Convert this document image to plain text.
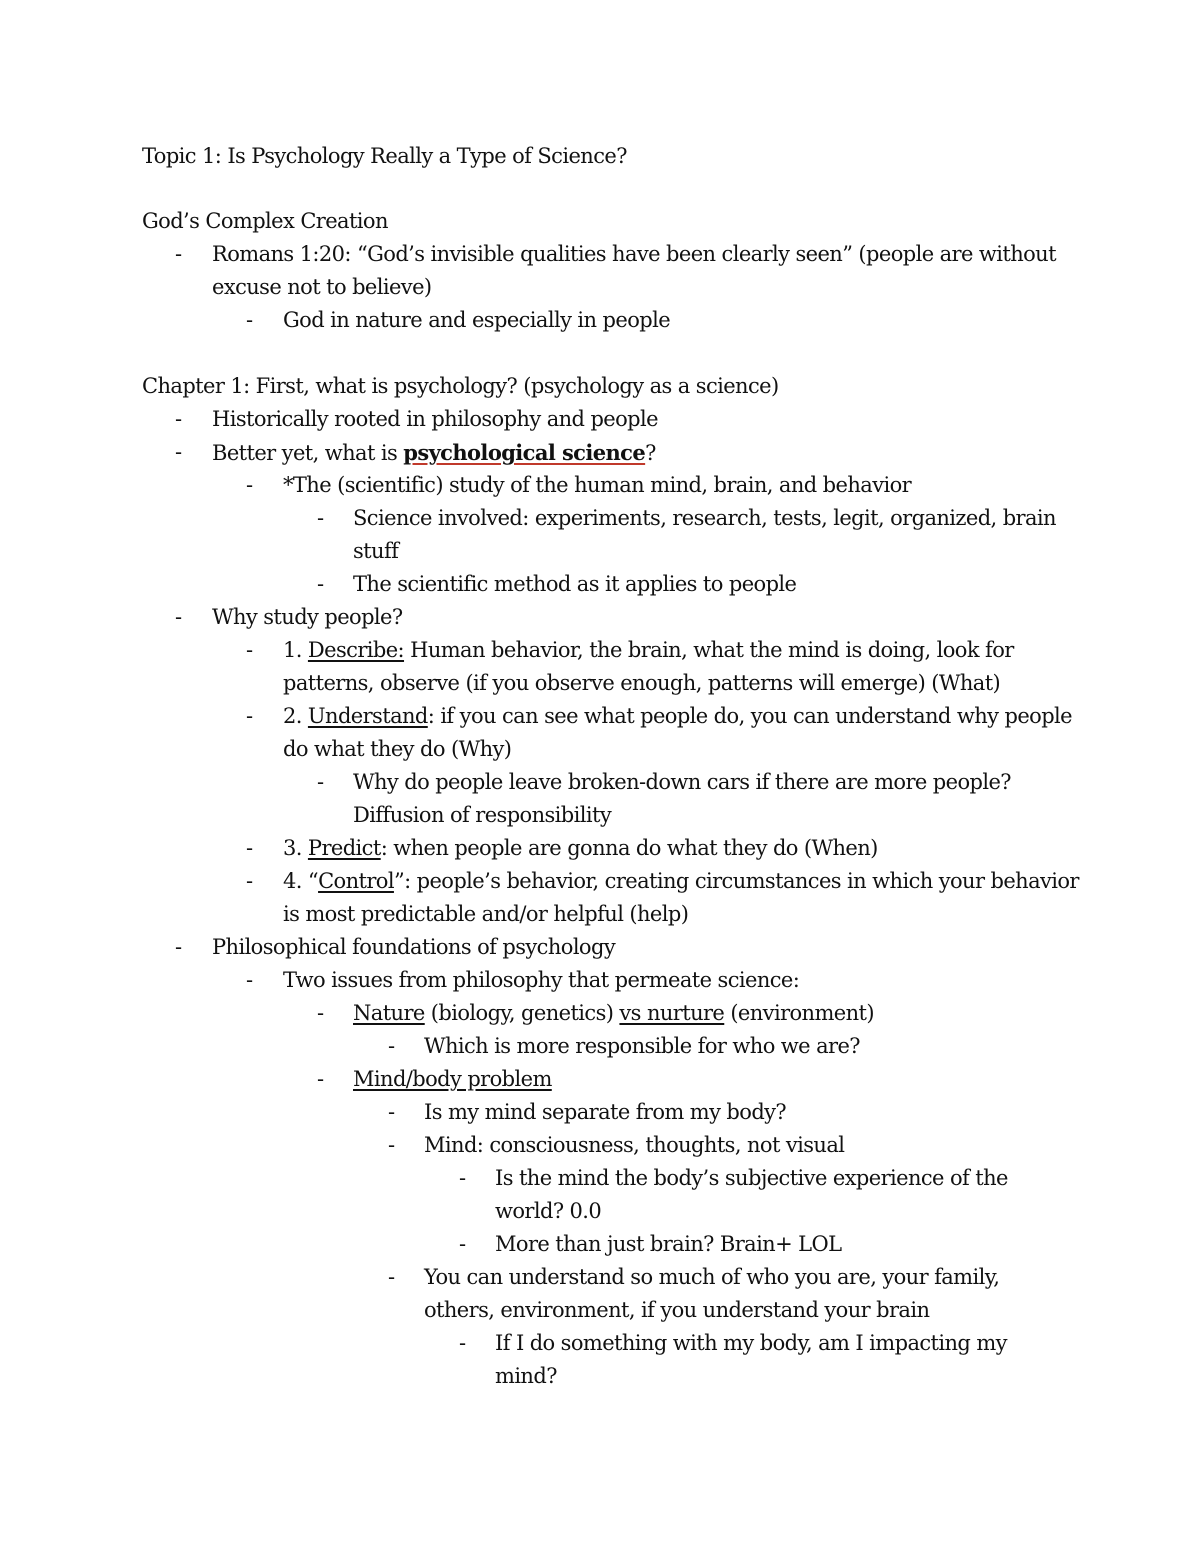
Topic 1: Is Psychology Really a Type of Science?
God’s Complex Creation
- Romans 1:20: “God’s invisible qualities have been clearly seen” (people are without
excuse not to believe)
- God in nature and especially in people
Chapter 1: First, what is psychology? (psychology as a science)
- Historically rooted in philosophy and people
- Better yet, what is psychological science?
- *The (scientific) study of the human mind, brain, and behavior
- Science involved: experiments, research, tests, legit, organized, brain
stuff
- The scientific method as it applies to people
- Why study people?
- 1. Describe: Human behavior, the brain, what the mind is doing, look for
patterns, observe (if you observe enough, patterns will emerge) (What)
- 2. Understand: if you can see what people do, you can understand why people
do what they do (Why)
- Why do people leave broken-down cars if there are more people?
Diffusion of responsibility
- 3. Predict: when people are gonna do what they do (When)
- 4. “Control”: people’s behavior, creating circumstances in which your behavior
is most predictable and/or helpful (help)
- Philosophical foundations of psychology
- Two issues from philosophy that permeate science:
- Nature (biology, genetics) vs nurture (environment)
- Which is more responsible for who we are?
- Mind/body problem
- Is my mind separate from my body?
- Mind: consciousness, thoughts, not visual
- Is the mind the body’s subjective experience of the
world? 0.0
- More than just brain? Brain+ LOL
- You can understand so much of who you are, your family,
others, environment, if you understand your brain
- If I do something with my body, am I impacting my
mind?
